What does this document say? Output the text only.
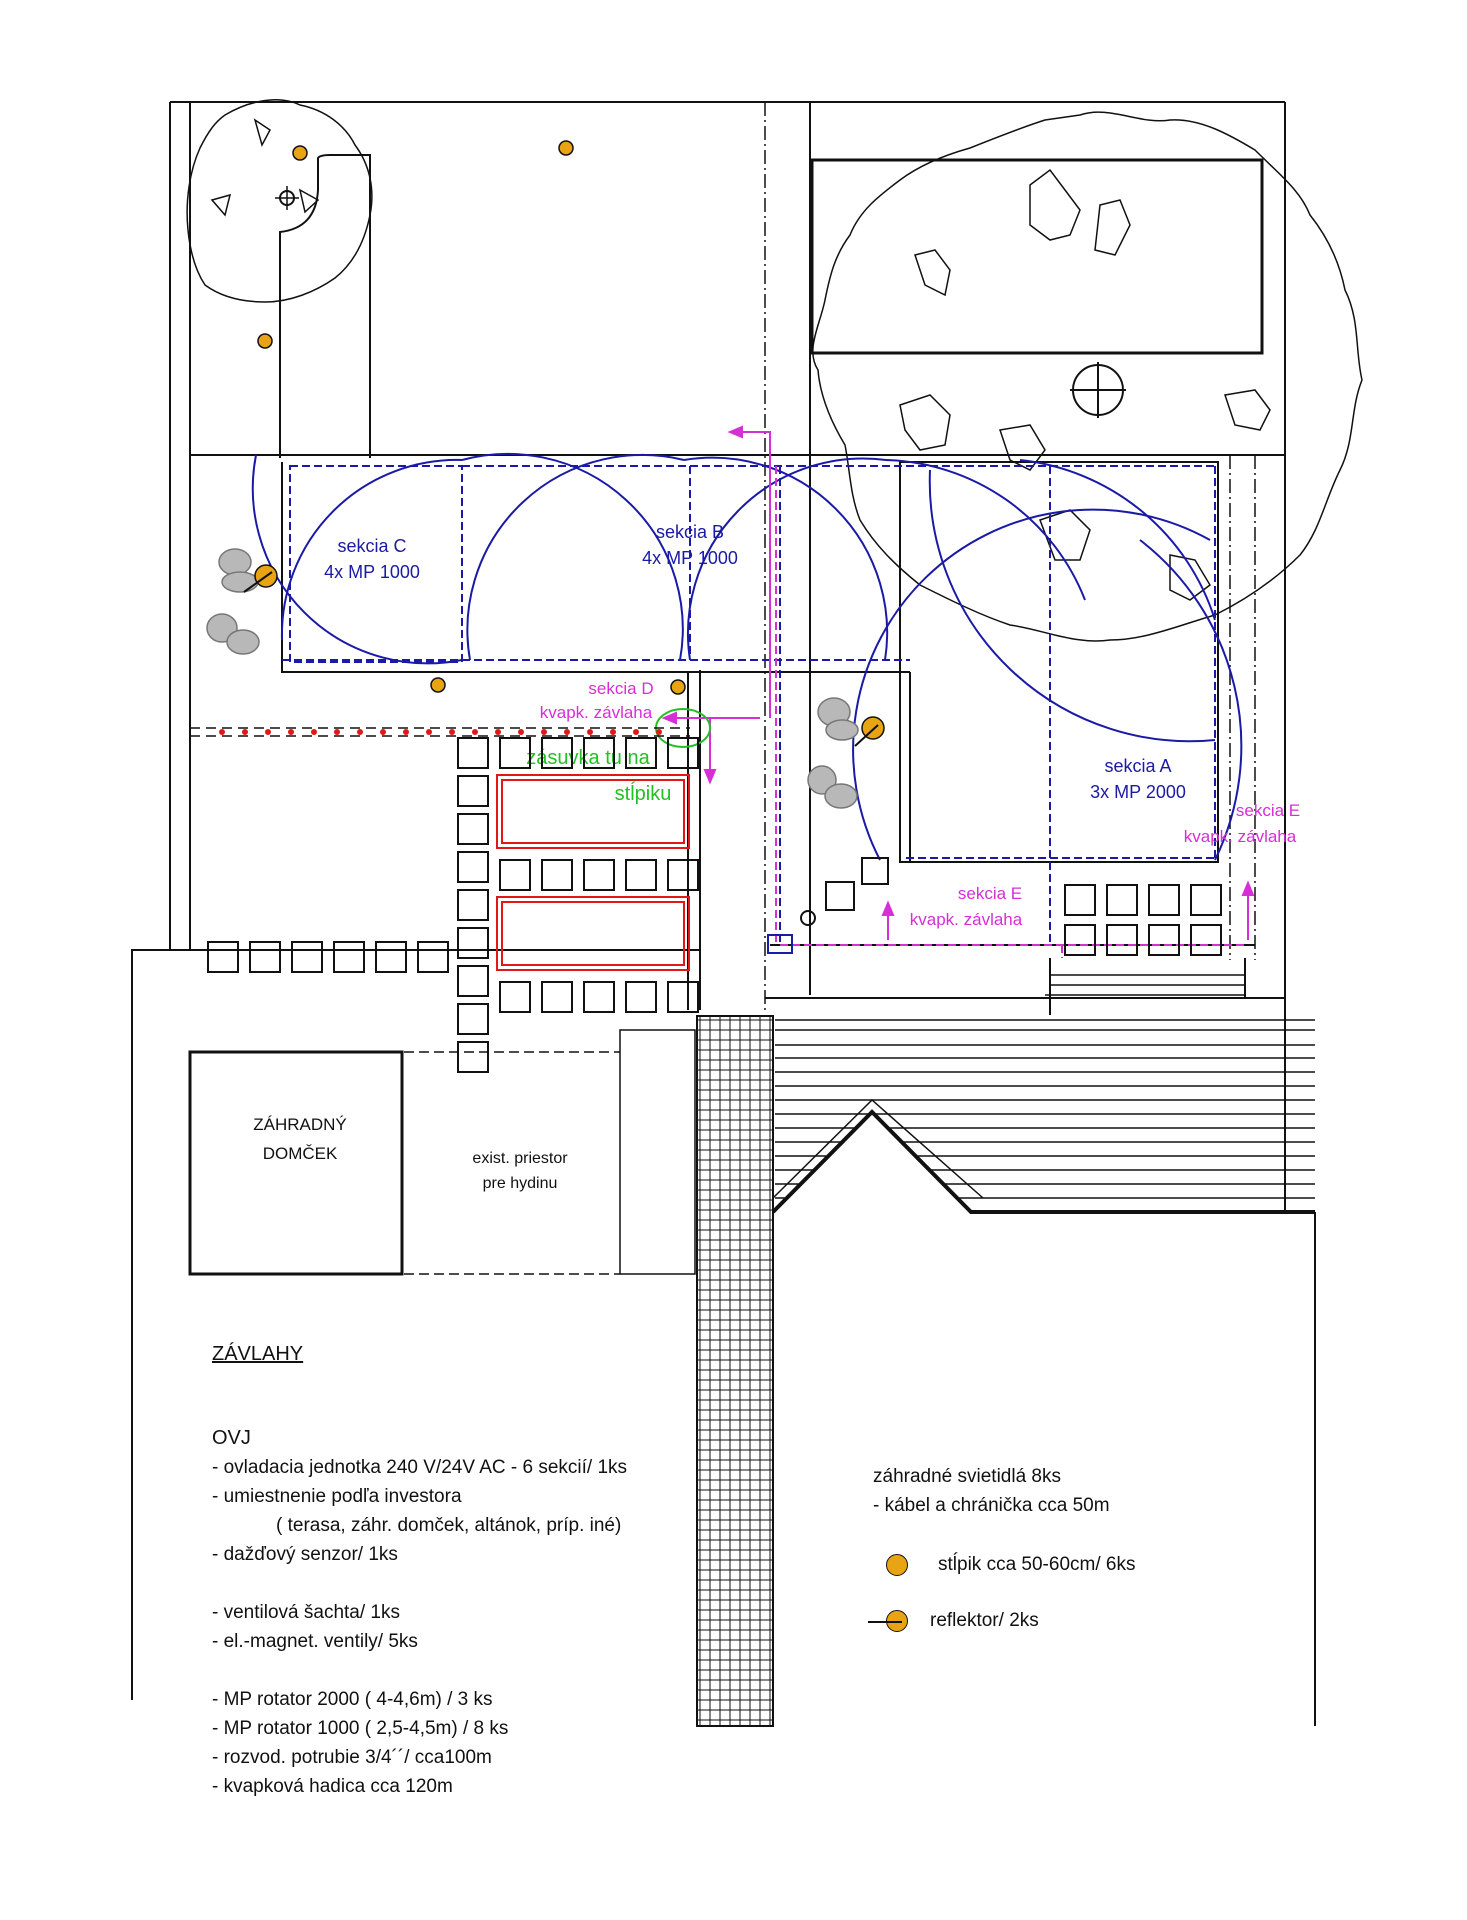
sekcia C
4x MP 1000
sekcia B
4x MP 1000
sekcia A
3x MP 2000
sekcia D
kvapk. závlaha
sekcia E
kvapk. závlaha
sekcia E
kvapk. závlaha
zásuvka tu na
stĺpiku
ZÁHRADNÝ
DOMČEK	exist. priestor
pre hydinu
ZÁVLAHY
OVJ
- ovladacia jednotka 240 V/24V AC - 6 sekcií/ 1ks
- umiestnenie podľa investora
( terasa, záhr. domček, altánok, príp. iné)
- dažďový senzor/ 1ks

- ventilová šachta/ 1ks
- el.-magnet. ventily/ 5ks

- MP rotator 2000 ( 4-4,6m) / 3 ks
- MP rotator 1000 ( 2,5-4,5m) / 8 ks
- rozvod. potrubie 3/4´´/ cca100m
- kvapková hadica cca 120m
záhradné svietidlá 8ks
- kábel a chránička cca 50m
stĺpik cca 50-60cm/ 6ks
reflektor/ 2ks
